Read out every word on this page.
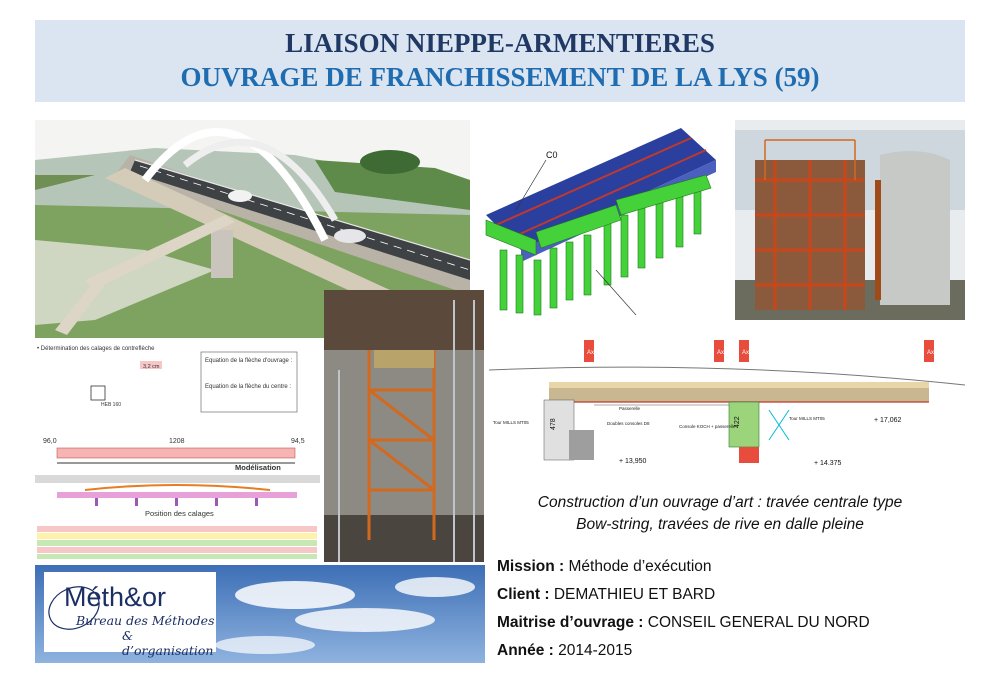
LIAISON NIEPPE-ARMENTIERES
OUVRAGE DE FRANCHISSEMENT DE LA LYS (59)
C0
• Détermination des calages de contreflèche
3,2 cm
Equation de la flèche d'ouvrage :
Equation de la flèche du centre :
HEB 160
96,0	1208	94,5
Modélisation
Position des calages
Axe G	Axe H Axe I	Axe J
478	422
Tour MILLS MT05
Passerelle
Doubles consoles D8
Console KOCH + passerelle
Tour MILLS MT05
+ 13,950	+ 14,375
+ 17,062
Construction d’un ouvrage d’art : travée centrale type
Bow-string, travées de rive en dalle pleine
Mission : Méthode d’exécution
Client : DEMATHIEU ET BARD
Maitrise d’ouvrage : CONSEIL GENERAL DU NORD
Année : 2014-2015
Méth&or
Bureau des Méthodes
& d’organisation
